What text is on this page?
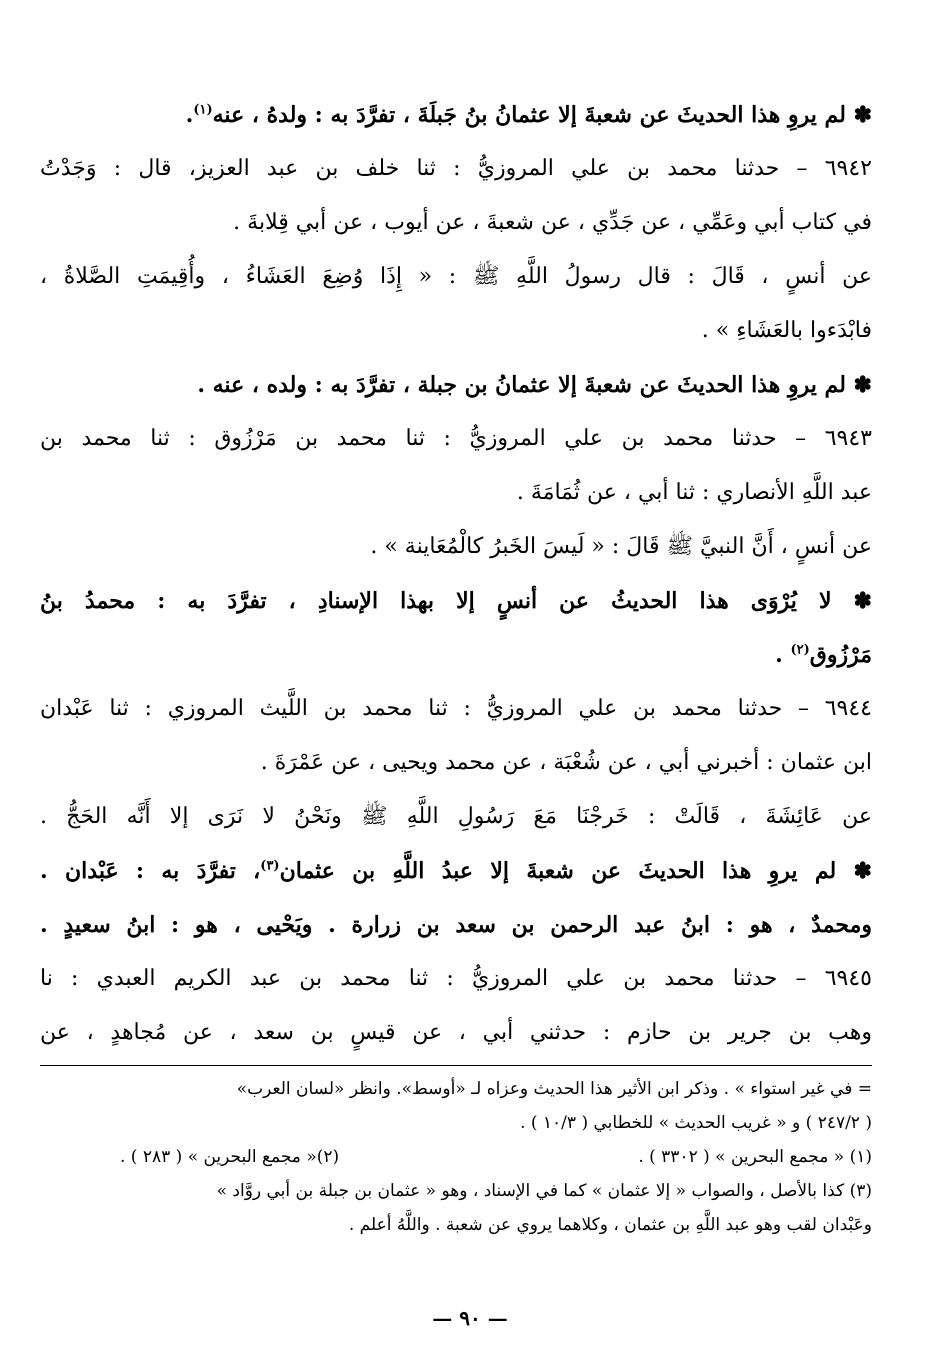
✽ لم يروِ هذا الحديثَ عن شعبةَ إلا عثمانُ بنُ جَبلَةَ ، تفرَّدَ به : ولدهُ ، عنه$^{(١)}$.
٦٩٤٢ – حدثنا محمد بن علي المروزيُّ : ثنا خلف بن عبد العزيز، قال : وَجَدْتُ
في كتاب أبي وعَمِّي ، عن جَدِّي ، عن شعبةَ ، عن أيوب ، عن أبي قِلابةَ .
عن أنسٍ ، قَالَ : قال رسولُ اللَّهِ ﷺ : « إِذَا وُضِعَ العَشَاءُ ، وأُقِيمَتِ الصَّلاةُ ،
فابْدَءوا بالعَشَاءِ » .
✽ لم يروِ هذا الحديثَ عن شعبةَ إلا عثمانُ بن جبلة ، تفرَّدَ به : ولده ، عنه .
٦٩٤٣ – حدثنا محمد بن علي المروزيُّ : ثنا محمد بن مَرْزُوق : ثنا محمد بن
عبد اللَّهِ الأنصاري : ثنا أبي ، عن ثُمَامَةَ .
عن أنسٍ ، أَنَّ النبيَّ ﷺ قَالَ : « لَيسَ الخَبرُ كالْمُعَاينة » .
✽ لا يُرْوَى هذا الحديثُ عن أنسٍ إلا بهذا الإسنادِ ، تفرَّدَ به : محمدُ بنُ
مَرْزُوق$^{(٢)}$ .
٦٩٤٤ – حدثنا محمد بن علي المروزيُّ : ثنا محمد بن اللَّيث المروزي : ثنا عَبْدان
ابن عثمان : أخبرني أبي ، عن شُعْبَة ، عن محمد ويحيى ، عن عَمْرَةَ .
عن عَائِشَةَ ، قَالَتْ : خَرجْنَا مَعَ رَسُولِ اللَّهِ ﷺ ونَحْنُ لا نَرَى إلا أَنَّه الحَجُّ .
✽ لم يروِ هذا الحديثَ عن شعبةَ إلا عبدُ اللَّهِ بن عثمان$^{(٣)}$، تفرَّدَ به : عَبْدان .
ومحمدٌ ، هو : ابنُ عبد الرحمن بن سعد بن زرارة . ويَحْيى ، هو : ابنُ سعيدٍ .
٦٩٤٥ – حدثنا محمد بن علي المروزيُّ : ثنا محمد بن عبد الكريم العبدي : نا
وهب بن جرير بن حازم : حدثني أبي ، عن قيسٍ بن سعد ، عن مُجاهدٍ ، عن
= في غير استواء » . وذكر ابن الأثير هذا الحديث وعزاه لـ «أوسط». وانظر «لسان العرب»
( ٢٤٧/٢ ) و « غريب الحديث » للخطابي ( ١٠/٣ ) .
(١) « مجمع البحرين » ( ٣٣٠٢ ) .
(٢)« مجمع البحرين » ( ٢٨٣ ) .
(٣) كذا بالأصل ، والصواب « إلا عثمان » كما في الإسناد ، وهو « عثمان بن جبلة بن أبي روَّاد »
وعَبْدان لقب وهو عبد اللَّهِ بن عثمان ، وكلاهما يروي عن شعبة . واللَّهُ أعلم .
— ٩٠ —
